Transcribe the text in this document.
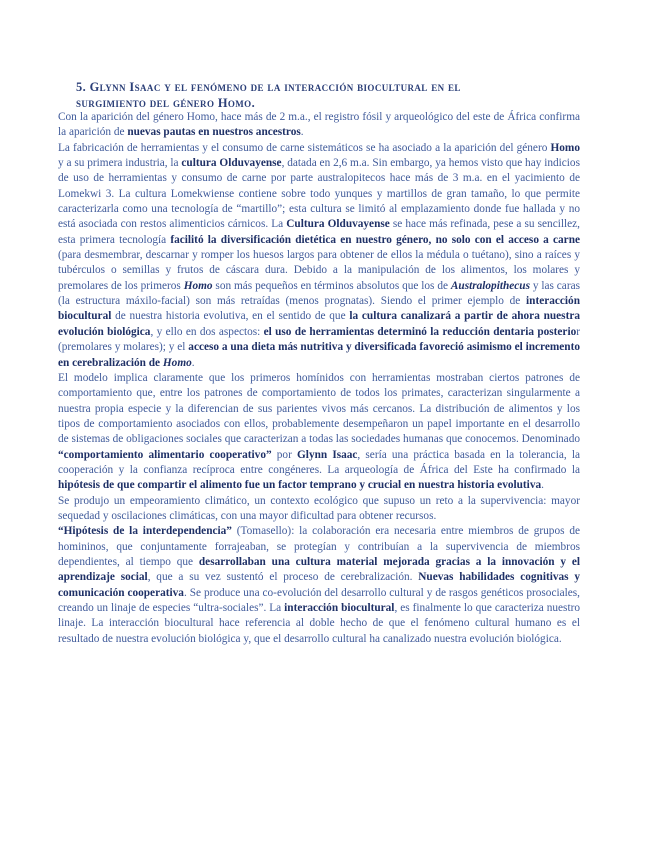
5. Glynn Isaac y el fenómeno de la interacción biocultural en el
surgimiento del género Homo.

Con la aparición del género Homo, hace más de 2 m.a., el registro fósil y arqueológico del este de África confirma la aparición de nuevas pautas en nuestros ancestros.

La fabricación de herramientas y el consumo de carne sistemáticos se ha asociado a la aparición del género Homo y a su primera industria, la cultura Olduvayense, datada en 2,6 m.a. Sin embargo, ya hemos visto que hay indicios de uso de herramientas y consumo de carne por parte australopitecos hace más de 3 m.a. en el yacimiento de Lomekwi 3. La cultura Lomekwiense contiene sobre todo yunques y martillos de gran tamaño, lo que permite caracterizarla como una tecnología de “martillo”; esta cultura se limitó al emplazamiento donde fue hallada y no está asociada con restos alimenticios cárnicos. La Cultura Olduvayense se hace más refinada, pese a su sencillez, esta primera tecnología facilitó la diversificación dietética en nuestro género, no solo con el acceso a carne (para desmembrar, descarnar y romper los huesos largos para obtener de ellos la médula o tuétano), sino a raíces y tubérculos o semillas y frutos de cáscara dura. Debido a la manipulación de los alimentos, los molares y premolares de los primeros Homo son más pequeños en términos absolutos que los de Australopithecus y las caras (la estructura máxilo-facial) son más retraídas (menos prognatas). Siendo el primer ejemplo de interacción biocultural de nuestra historia evolutiva, en el sentido de que la cultura canalizará a partir de ahora nuestra evolución biológica, y ello en dos aspectos: el uso de herramientas determinó la reducción dentaria posterior (premolares y molares); y el acceso a una dieta más nutritiva y diversificada favoreció asimismo el incremento en cerebralización de Homo.

El modelo implica claramente que los primeros homínidos con herramientas mostraban ciertos patrones de comportamiento que, entre los patrones de comportamiento de todos los primates, caracterizan singularmente a nuestra propia especie y la diferencian de sus parientes vivos más cercanos. La distribución de alimentos y los tipos de comportamiento asociados con ellos, probablemente desempeñaron un papel importante en el desarrollo de sistemas de obligaciones sociales que caracterizan a todas las sociedades humanas que conocemos. Denominado “comportamiento alimentario cooperativo” por Glynn Isaac, sería una práctica basada en la tolerancia, la cooperación y la confianza recíproca entre congéneres. La arqueología de África del Este ha confirmado la hipótesis de que compartir el alimento fue un factor temprano y crucial en nuestra historia evolutiva.

Se produjo un empeoramiento climático, un contexto ecológico que supuso un reto a la supervivencia: mayor sequedad y oscilaciones climáticas, con una mayor dificultad para obtener recursos.

“Hipótesis de la interdependencia” (Tomasello): la colaboración era necesaria entre miembros de grupos de homininos, que conjuntamente forrajeaban, se protegían y contribuían a la supervivencia de miembros dependientes, al tiempo que desarrollaban una cultura material mejorada gracias a la innovación y el aprendizaje social, que a su vez sustentó el proceso de cerebralización. Nuevas habilidades cognitivas y comunicación cooperativa. Se produce una co-evolución del desarrollo cultural y de rasgos genéticos prosociales, creando un linaje de especies “ultra-sociales”. La interacción biocultural, es finalmente lo que caracteriza nuestro linaje. La interacción biocultural hace referencia al doble hecho de que el fenómeno cultural humano es el resultado de nuestra evolución biológica y, que el desarrollo cultural ha canalizado nuestra evolución biológica.
